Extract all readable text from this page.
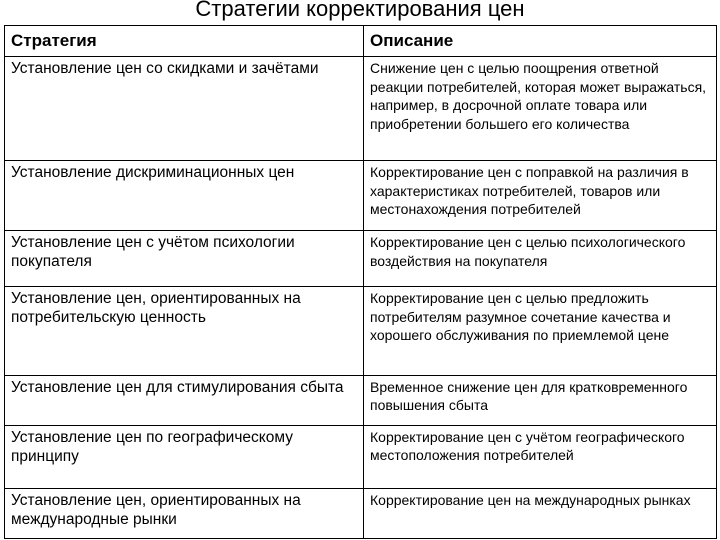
Стратегии корректирования цен
Стратегия	Описание
Установление цен со скидками и зачётами	Снижение цен с целью поощрения ответной реакции потребителей, которая может выражаться, например, в досрочной оплате товара или приобретении большего его количества
Установление дискриминационных цен	Корректирование цен с поправкой на различия в характеристиках потребителей, товаров или местонахождения потребителей
Установление цен с учётом психологии покупателя	Корректирование цен с целью психологического воздействия на покупателя
Установление цен, ориентированных на потребительскую ценность	Корректирование цен с целью предложить потребителям разумное сочетание качества и хорошего обслуживания по приемлемой цене
Установление цен для стимулирования сбыта	Временное снижение цен для кратковременного повышения сбыта
Установление цен по географическому принципу	Корректирование цен с учётом географического местоположения потребителей
Установление цен, ориентированных на международные рынки	Корректирование цен на международных рынках
